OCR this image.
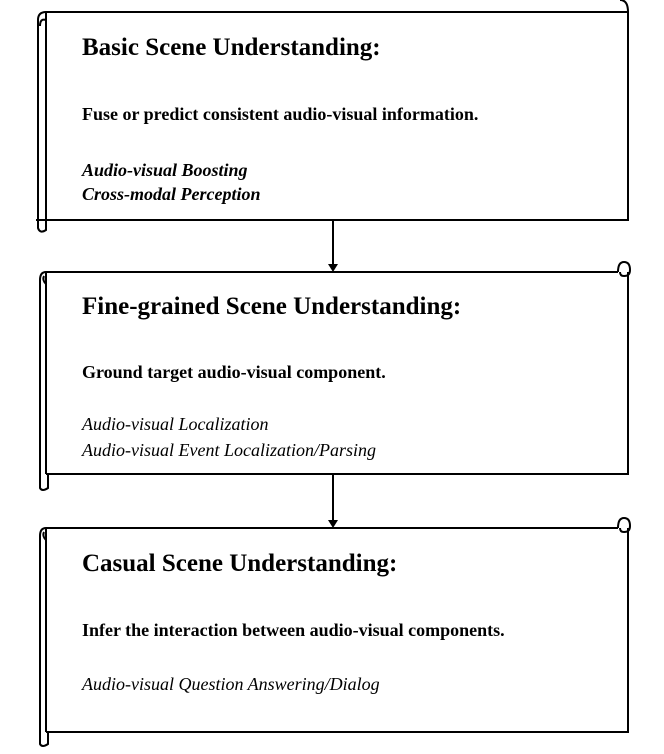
Basic Scene Understanding:
Fuse or predict consistent audio-visual information.
Audio-visual Boosting
Cross-modal Perception
Fine-grained Scene Understanding:
Ground target audio-visual component.
Audio-visual Localization
Audio-visual Event Localization/Parsing
Casual Scene Understanding:
Infer the interaction between audio-visual components.
Audio-visual Question Answering/Dialog
